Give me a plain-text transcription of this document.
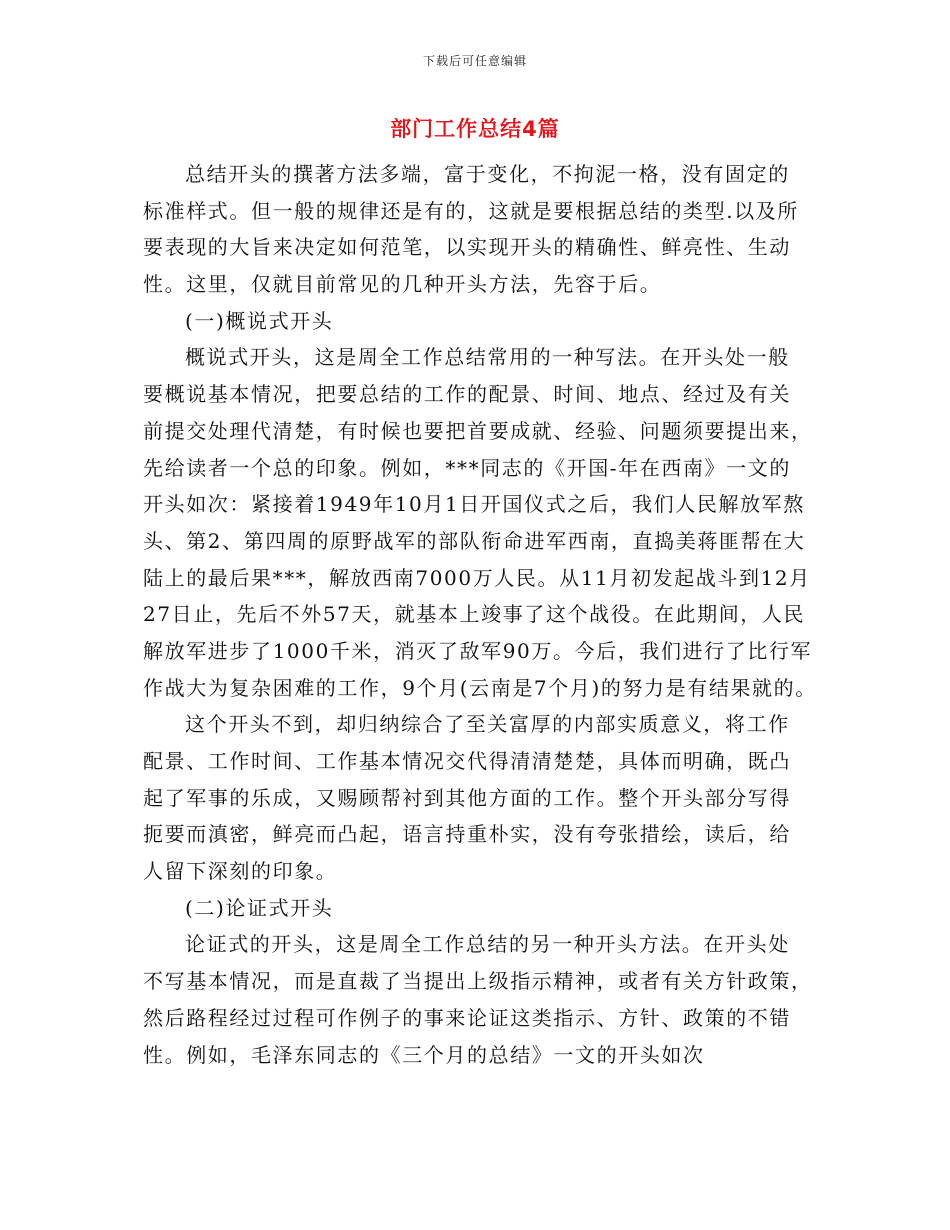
下载后可任意编辑
部门工作总结4篇
总结开头的撰著方法多端，富于变化，不拘泥一格，没有固定的
标准样式。但一般的规律还是有的，这就是要根据总结的类型.以及所
要表现的大旨来决定如何范笔，以实现开头的精确性、鲜亮性、生动
性。这里，仅就目前常见的几种开头方法，先容于后。
(一)概说式开头
概说式开头，这是周全工作总结常用的一种写法。在开头处一般
要概说基本情况，把要总结的工作的配景、时间、地点、经过及有关
前提交处理代清楚，有时候也要把首要成就、经验、问题须要提出来，
先给读者一个总的印象。例如，***同志的《开国-年在西南》一文的
开头如次：紧接着1949年10月1日开国仪式之后，我们人民解放军熬
头、第2、第四周的原野战军的部队衔命进军西南，直捣美蒋匪帮在大
陆上的最后果***，解放西南7000万人民。从11月初发起战斗到12月
27日止，先后不外57天，就基本上竣事了这个战役。在此期间，人民
解放军进步了1000千米，消灭了敌军90万。今后，我们进行了比行军
作战大为复杂困难的工作，9个月(云南是7个月)的努力是有结果就的。
这个开头不到，却归纳综合了至关富厚的内部实质意义，将工作
配景、工作时间、工作基本情况交代得清清楚楚，具体而明确，既凸
起了军事的乐成，又赐顾帮衬到其他方面的工作。整个开头部分写得
扼要而滇密，鲜亮而凸起，语言持重朴实，没有夸张措绘，读后，给
人留下深刻的印象。
(二)论证式开头
论证式的开头，这是周全工作总结的另一种开头方法。在开头处
不写基本情况，而是直裁了当提出上级指示精神，或者有关方针政策，
然后路程经过过程可作例子的事来论证这类指示、方针、政策的不错
性。例如，毛泽东同志的《三个月的总结》一文的开头如次
